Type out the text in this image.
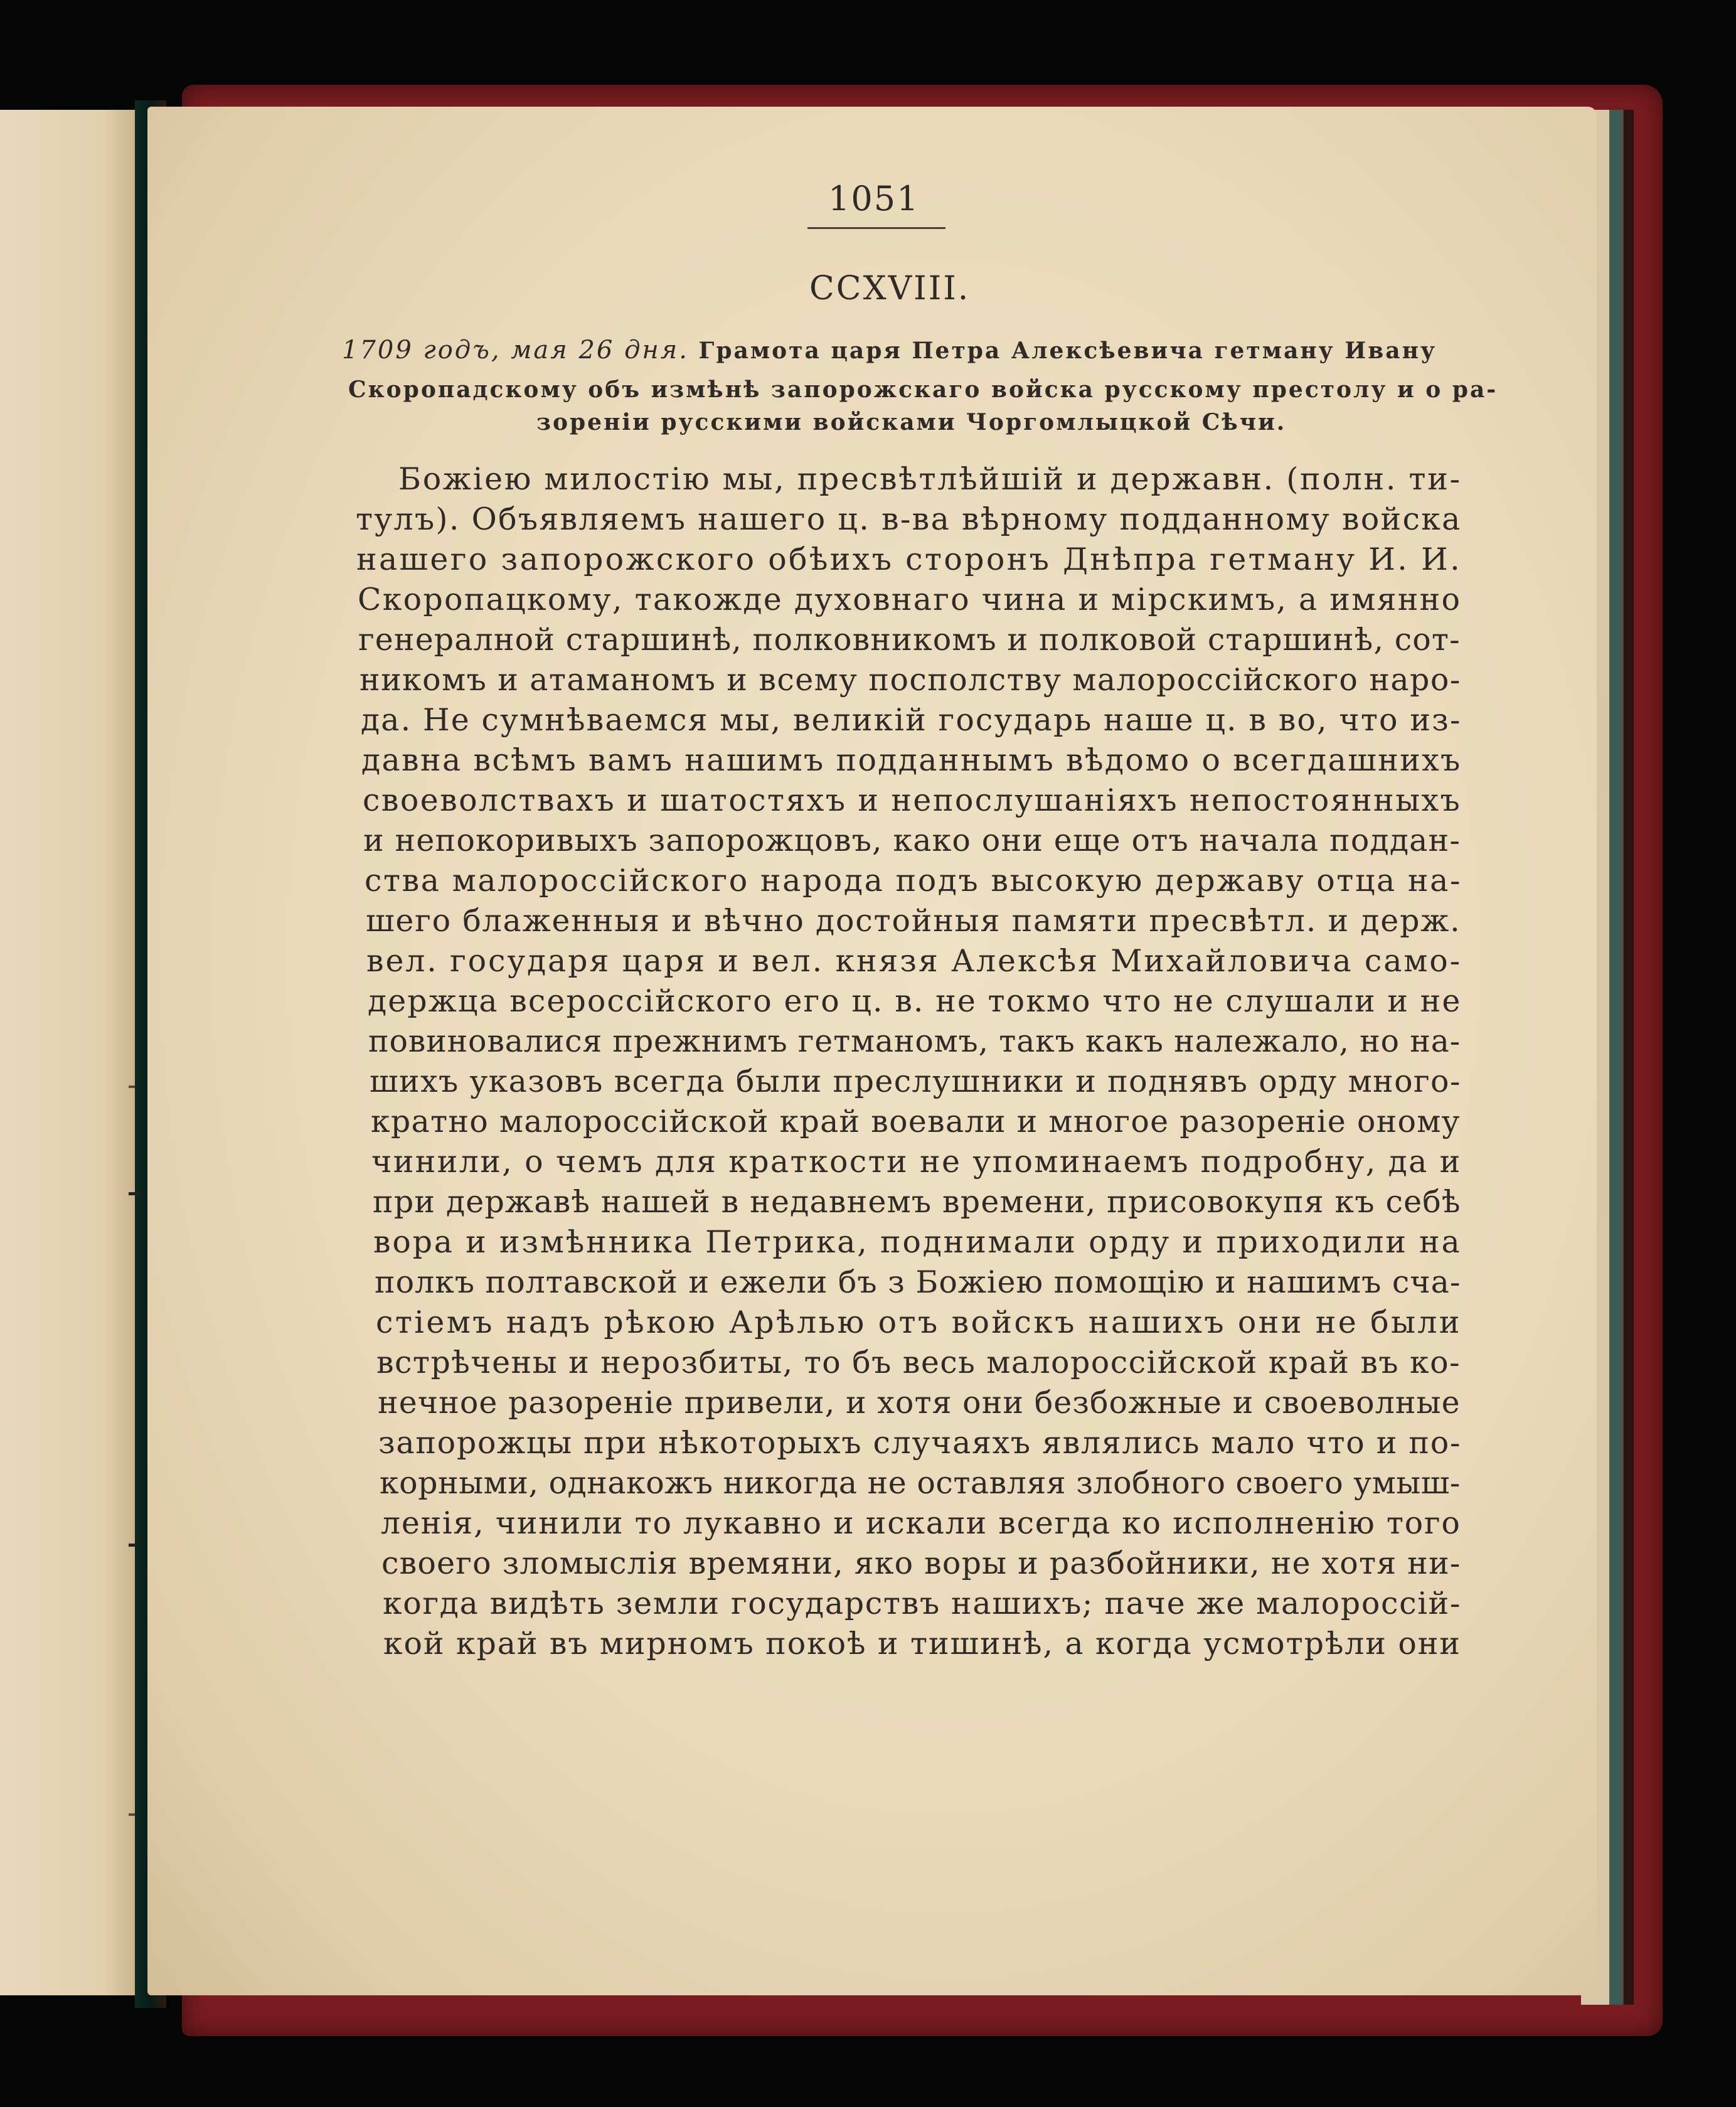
1051
CCXVIII.
1709 годъ, мая 26 дня. Грамота царя Петра Алексѣевича гетману Ивану
Скоропадскому объ измѣнѣ запорожскаго войска русскому престолу и о ра-
зореніи русскими войсками Чоргомлыцкой Сѣчи.
Божіею милостію мы, пресвѣтлѣйшій и державн. (полн. ти-
тулъ). Объявляемъ нашего ц. в-ва вѣрному подданному войска
нашего запорожского обѣихъ сторонъ Днѣпра гетману И. И.
Скоропацкому, такожде духовнаго чина и мірскимъ, а имянно
генералной старшинѣ, полковникомъ и полковой старшинѣ, сот-
никомъ и атаманомъ и всему посполству малороссійского наро-
да. Не сумнѣваемся мы, великій государь наше ц. в во, что из-
давна всѣмъ вамъ нашимъ подданнымъ вѣдомо о всегдашнихъ
своеволствахъ и шатостяхъ и непослушаніяхъ непостоянныхъ
и непокоривыхъ запорожцовъ, како они еще отъ начала поддан-
ства малороссійского народа подъ высокую державу отца на-
шего блаженныя и вѣчно достойныя памяти пресвѣтл. и держ.
вел. государя царя и вел. князя Алексѣя Михайловича само-
держца всероссійского его ц. в. не токмо что не слушали и не
повиновалися прежнимъ гетманомъ, такъ какъ належало, но на-
шихъ указовъ всегда были преслушники и поднявъ орду много-
кратно малороссійской край воевали и многое разореніе оному
чинили, о чемъ для краткости не упоминаемъ подробну, да и
при державѣ нашей в недавнемъ времени, присовокупя къ себѣ
вора и измѣнника Петрика, поднимали орду и приходили на
полкъ полтавской и ежели бъ з Божіею помощію и нашимъ сча-
стіемъ надъ рѣкою Арѣлью отъ войскъ нашихъ они не были
встрѣчены и нерозбиты, то бъ весь малороссійской край въ ко-
нечное разореніе привели, и хотя они безбожные и своеволные
запорожцы при нѣкоторыхъ случаяхъ являлись мало что и по-
корными, однакожъ никогда не оставляя злобного своего умыш-
ленія, чинили то лукавно и искали всегда ко исполненію того
своего зломыслія времяни, яко воры и разбойники, не хотя ни-
когда видѣть земли государствъ нашихъ; паче же малороссій-
кой край въ мирномъ покоѣ и тишинѣ, а когда усмотрѣли они
